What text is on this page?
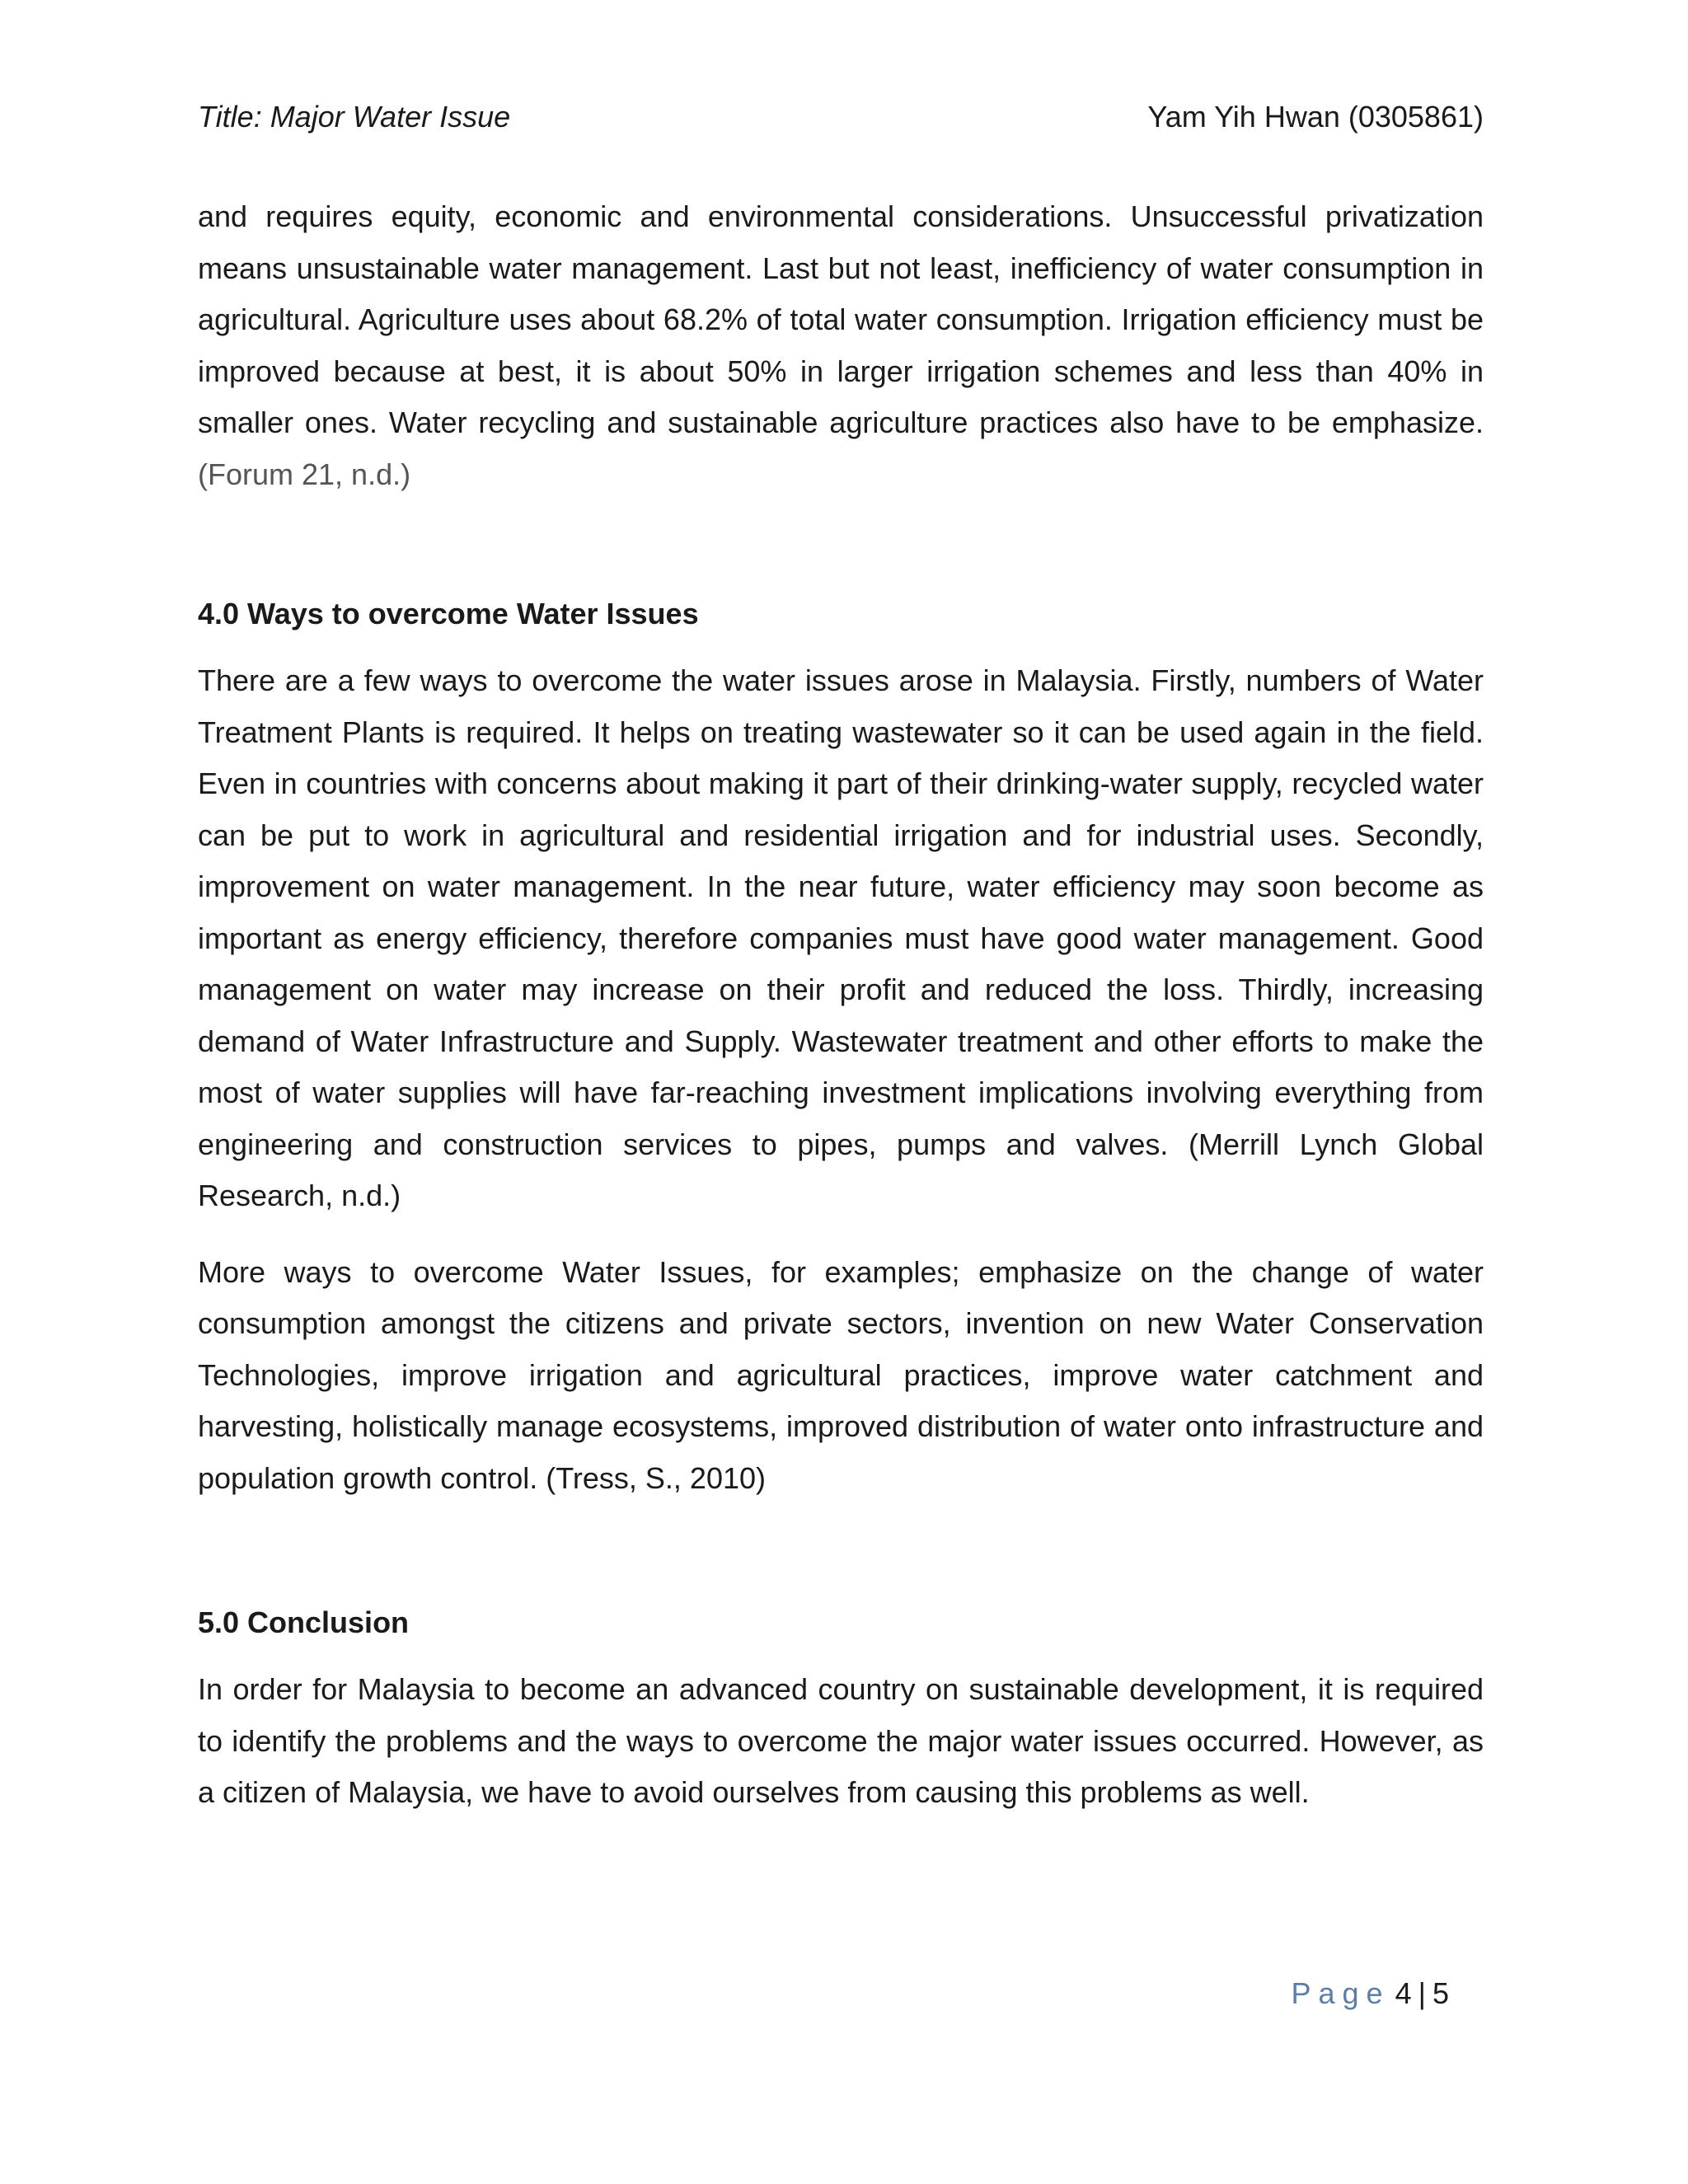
Title: Major Water Issue	Yam Yih Hwan (0305861)

and requires equity, economic and environmental considerations. Unsuccessful privatization means unsustainable water management. Last but not least, inefficiency of water consumption in agricultural. Agriculture uses about 68.2% of total water consumption. Irrigation efficiency must be improved because at best, it is about 50% in larger irrigation schemes and less than 40% in smaller ones. Water recycling and sustainable agriculture practices also have to be emphasize. (Forum 21, n.d.)

4.0 Ways to overcome Water Issues

There are a few ways to overcome the water issues arose in Malaysia. Firstly, numbers of Water Treatment Plants is required. It helps on treating wastewater so it can be used again in the field. Even in countries with concerns about making it part of their drinking-water supply, recycled water can be put to work in agricultural and residential irrigation and for industrial uses. Secondly, improvement on water management. In the near future, water efficiency may soon become as important as energy efficiency, therefore companies must have good water management. Good management on water may increase on their profit and reduced the loss. Thirdly, increasing demand of Water Infrastructure and Supply. Wastewater treatment and other efforts to make the most of water supplies will have far-reaching investment implications involving everything from engineering and construction services to pipes, pumps and valves. (Merrill Lynch Global Research, n.d.)

More ways to overcome Water Issues, for examples; emphasize on the change of water consumption amongst the citizens and private sectors, invention on new Water Conservation Technologies, improve irrigation and agricultural practices, improve water catchment and harvesting, holistically manage ecosystems, improved distribution of water onto infrastructure and population growth control. (Tress, S., 2010)

5.0 Conclusion

In order for Malaysia to become an advanced country on sustainable development, it is required to identify the problems and the ways to overcome the major water issues occurred. However, as a citizen of Malaysia, we have to avoid ourselves from causing this problems as well.

Page 4 | 5
